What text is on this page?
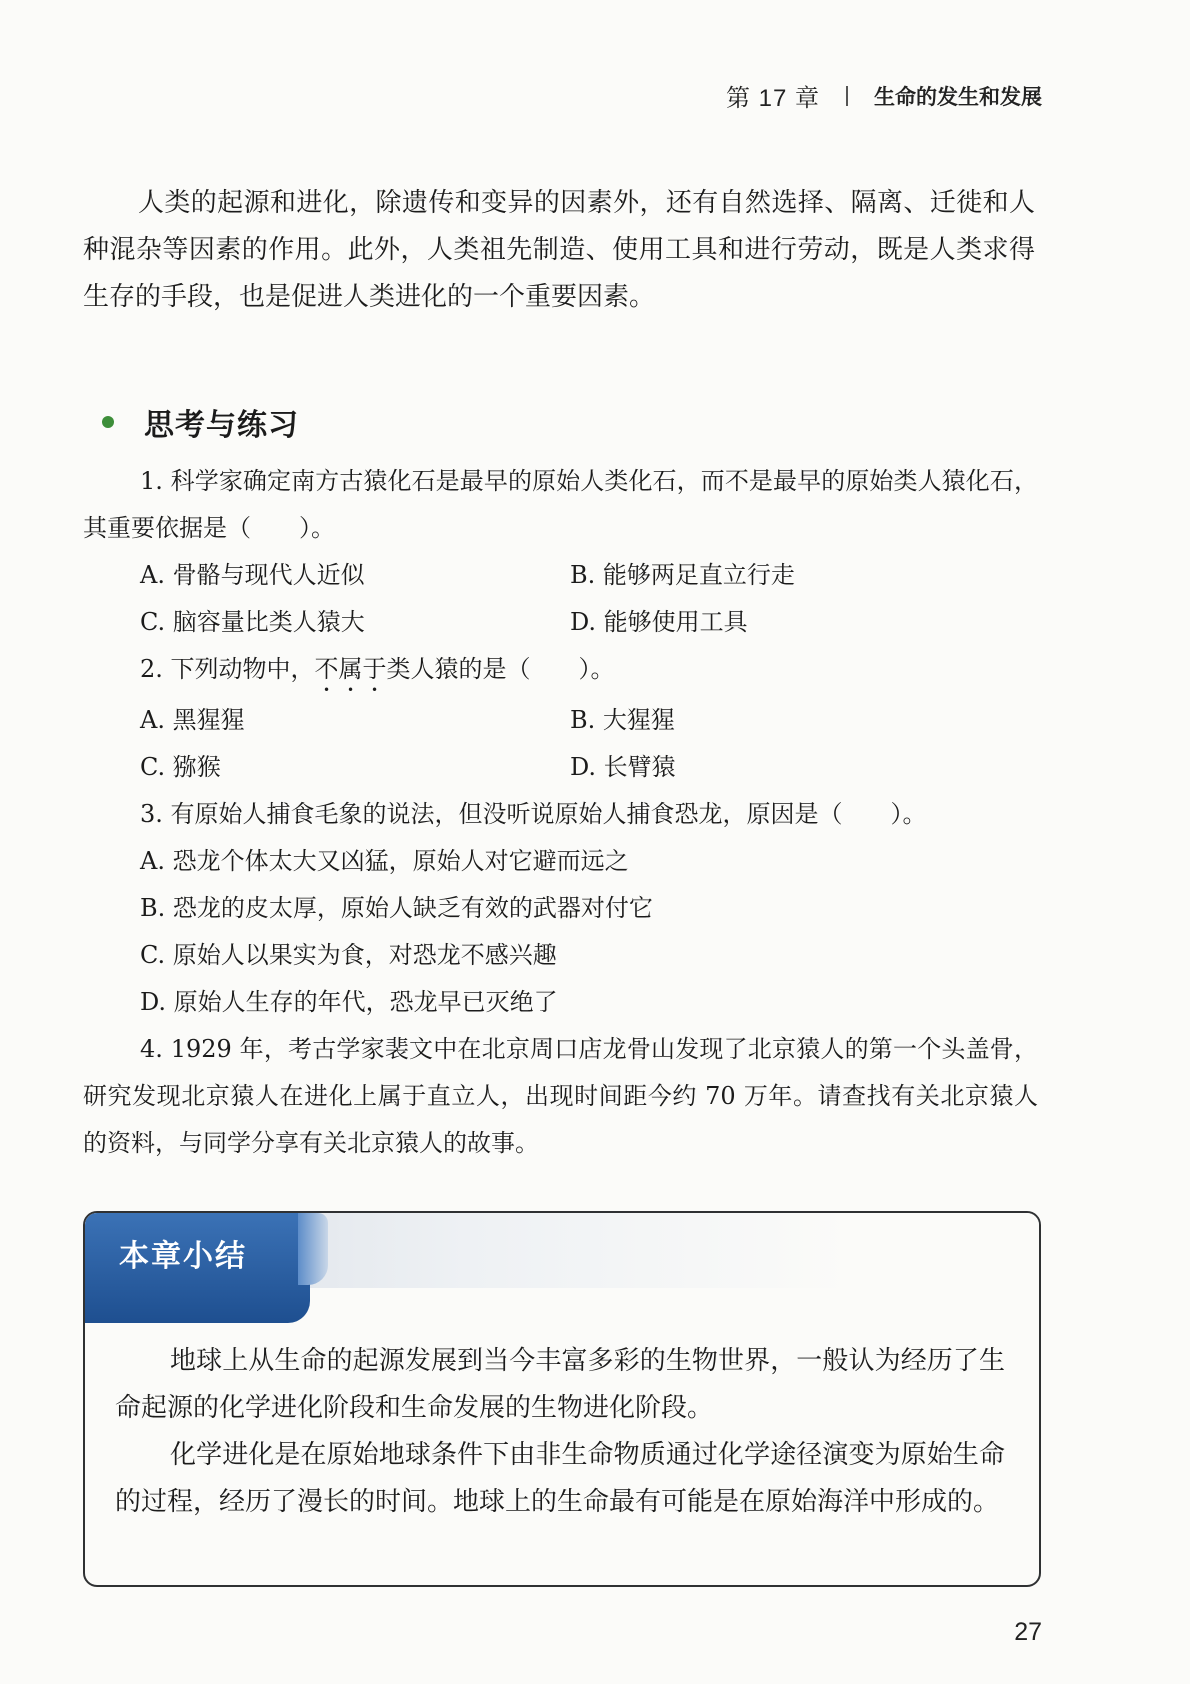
第 17 章	生命的发生和发展

人类的起源和进化，除遗传和变异的因素外，还有自然选择、隔离、迁徙和人种混杂等因素的作用。此外，人类祖先制造、使用工具和进行劳动，既是人类求得生存的手段，也是促进人类进化的一个重要因素。

思考与练习

1. 科学家确定南方古猿化石是最早的原始人类化石，而不是最早的原始类人猿化石，其重要依据是（　　）。

A. 骨骼与现代人近似	B. 能够两足直立行走
C. 脑容量比类人猿大	D. 能够使用工具

2. 下列动物中，不属于类人猿的是（　　）。

A. 黑猩猩	B. 大猩猩
C. 猕猴	D. 长臂猿

3. 有原始人捕食毛象的说法，但没听说原始人捕食恐龙，原因是（　　）。

A. 恐龙个体太大又凶猛，原始人对它避而远之
B. 恐龙的皮太厚，原始人缺乏有效的武器对付它
C. 原始人以果实为食，对恐龙不感兴趣
D. 原始人生存的年代，恐龙早已灭绝了

4. 1929 年，考古学家裴文中在北京周口店龙骨山发现了北京猿人的第一个头盖骨，研究发现北京猿人在进化上属于直立人，出现时间距今约 70 万年。请查找有关北京猿人的资料，与同学分享有关北京猿人的故事。

本章小结

地球上从生命的起源发展到当今丰富多彩的生物世界，一般认为经历了生命起源的化学进化阶段和生命发展的生物进化阶段。

化学进化是在原始地球条件下由非生命物质通过化学途径演变为原始生命的过程，经历了漫长的时间。地球上的生命最有可能是在原始海洋中形成的。

27
